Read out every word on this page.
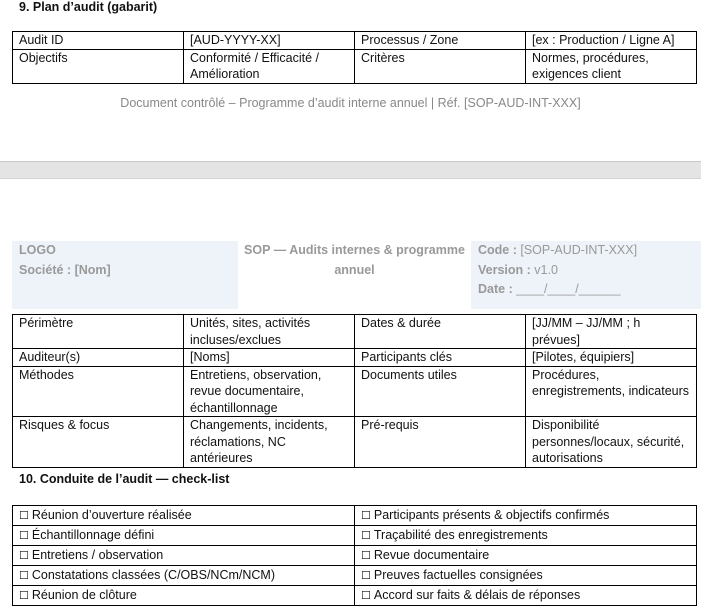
9. Plan d’audit (gabarit)
Audit ID	[AUD-YYYY-XX]	Processus / Zone	[ex : Production / Ligne A]
Objectifs	Conformité / Efficacité / Amélioration	Critères	Normes, procédures, exigences client
Document contrôlé – Programme d’audit interne annuel | Réf. [SOP-AUD-INT-XXX]
LOGO
Société : [Nom]
SOP — Audits internes & programme annuel
Code : [SOP-AUD-INT-XXX]
Version : v1.0
Date : ____/____/______
Périmètre	Unités, sites, activités incluses/exclues	Dates & durée	[JJ/MM – JJ/MM ; h prévues]
Auditeur(s)	[Noms]	Participants clés	[Pilotes, équipiers]
Méthodes	Entretiens, observation, revue documentaire, échantillonnage	Documents utiles	Procédures, enregistrements, indicateurs
Risques & focus	Changements, incidents, réclamations, NC antérieures	Pré-requis	Disponibilité personnes/locaux, sécurité, autorisations
10. Conduite de l’audit — check-list
☐ Réunion d’ouverture réalisée	☐ Participants présents & objectifs confirmés
☐ Échantillonnage défini	☐ Traçabilité des enregistrements
☐ Entretiens / observation	☐ Revue documentaire
☐ Constatations classées (C/OBS/NCm/NCM)	☐ Preuves factuelles consignées
☐ Réunion de clôture	☐ Accord sur faits & délais de réponses
